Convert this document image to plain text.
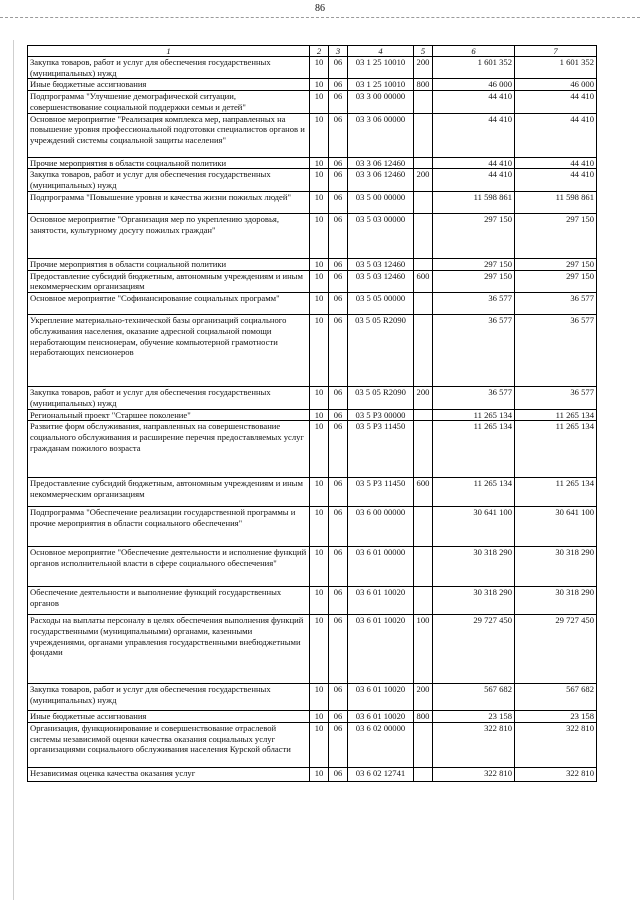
86
1	2	3	4	5	6	7
Закупка товаров, работ и услуг для обеспечения государственных (муниципальных) нужд	10	06	03 1 25 10010	200	1 601 352	1 601 352
Иные бюджетные ассигнования	10	06	03 1 25 10010	800	46 000	46 000
Подпрограмма "Улучшение демографической ситуации, совершенствование социальной поддержки семьи и детей"	10	06	03 3 00 00000		44 410	44 410
Основное мероприятие "Реализация комплекса мер, направленных на повышение уровня профессиональной подготовки специалистов органов и учреждений системы социальной защиты населения"	10	06	03 3 06 00000		44 410	44 410
Прочие мероприятия в области социальной политики	10	06	03 3 06 12460		44 410	44 410
Закупка товаров, работ и услуг для обеспечения государственных (муниципальных) нужд	10	06	03 3 06 12460	200	44 410	44 410
Подпрограмма "Повышение уровня и качества жизни пожилых людей"	10	06	03 5 00 00000		11 598 861	11 598 861
Основное мероприятие "Организация мер по укреплению здоровья, занятости, культурному досугу пожилых граждан"	10	06	03 5 03 00000		297 150	297 150
Прочие мероприятия в области социальной политики	10	06	03 5 03 12460		297 150	297 150
Предоставление субсидий бюджетным, автономным учреждениям и иным некоммерческим организациям	10	06	03 5 03 12460	600	297 150	297 150
Основное мероприятие "Софинансирование социальных программ"	10	06	03 5 05 00000		36 577	36 577
Укрепление материально-технической базы организаций социального обслуживания населения, оказание адресной социальной помощи неработающим пенсионерам, обучение компьютерной грамотности неработающих пенсионеров	10	06	03 5 05 R2090		36 577	36 577
Закупка товаров, работ и услуг для обеспечения государственных (муниципальных) нужд	10	06	03 5 05 R2090	200	36 577	36 577
Региональный проект "Старшее поколение"	10	06	03 5 P3 00000		11 265 134	11 265 134
Развитие форм обслуживания, направленных на совершенствование социального обслуживания и расширение перечня предоставляемых услуг гражданам пожилого возраста	10	06	03 5 P3 11450		11 265 134	11 265 134
Предоставление субсидий бюджетным, автономным учреждениям и иным некоммерческим организациям	10	06	03 5 P3 11450	600	11 265 134	11 265 134
Подпрограмма "Обеспечение реализации государственной программы и прочие мероприятия в области социального обеспечения"	10	06	03 6 00 00000		30 641 100	30 641 100
Основное мероприятие "Обеспечение деятельности и исполнение функций органов исполнительной власти в сфере социального обеспечения"	10	06	03 6 01 00000		30 318 290	30 318 290
Обеспечение деятельности и выполнение функций государственных органов	10	06	03 6 01 10020		30 318 290	30 318 290
Расходы на выплаты персоналу в целях обеспечения выполнения функций государственными (муниципальными) органами, казенными учреждениями, органами управления государственными внебюджетными фондами	10	06	03 6 01 10020	100	29 727 450	29 727 450
Закупка товаров, работ и услуг для обеспечения государственных (муниципальных) нужд	10	06	03 6 01 10020	200	567 682	567 682
Иные бюджетные ассигнования	10	06	03 6 01 10020	800	23 158	23 158
Организация, функционирование и совершенствование отраслевой системы независимой оценки качества оказания социальных услуг организациями социального обслуживания населения Курской области	10	06	03 6 02 00000		322 810	322 810
Независимая оценка качества оказания услуг	10	06	03 6 02 12741		322 810	322 810
